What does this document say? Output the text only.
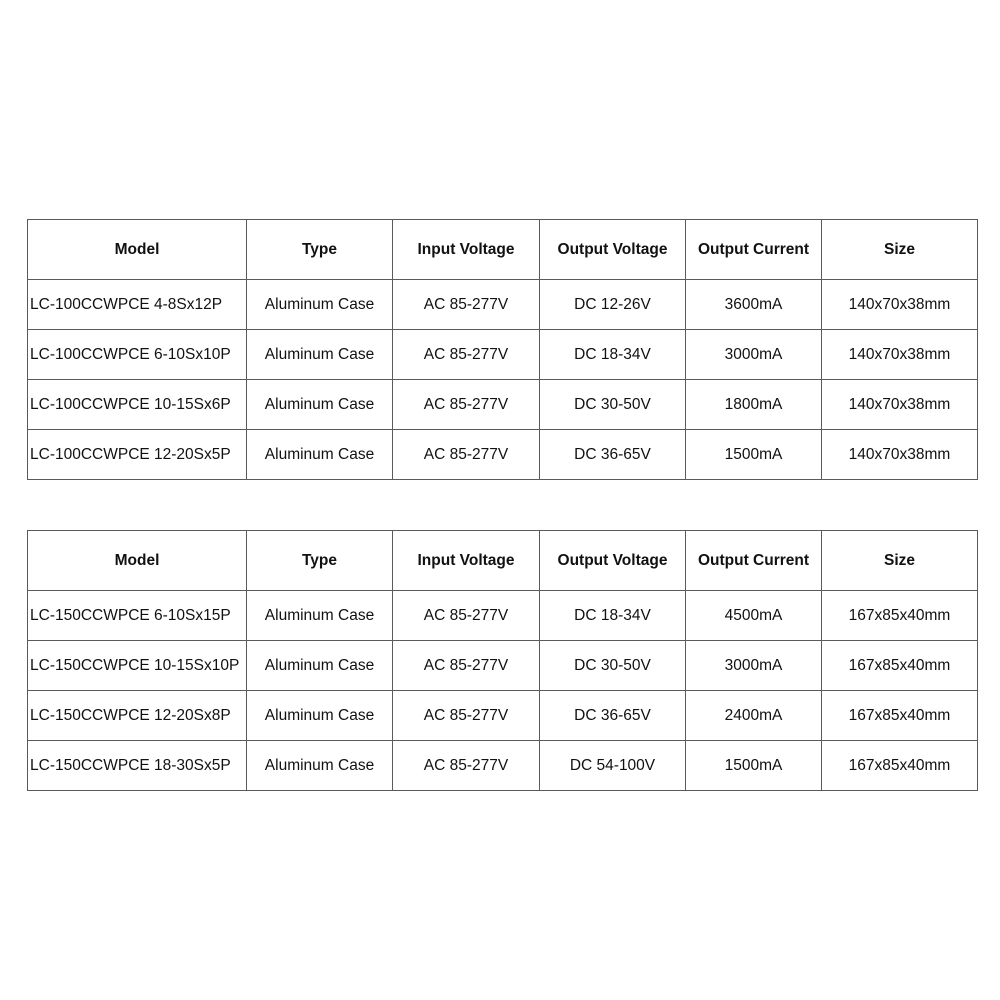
Model	Type	Input Voltage	Output Voltage	Output Current	Size
LC-100CCWPCE 4-8Sx12P	Aluminum Case	AC 85-277V	DC 12-26V	3600mA	140x70x38mm
LC-100CCWPCE 6-10Sx10P	Aluminum Case	AC 85-277V	DC 18-34V	3000mA	140x70x38mm
LC-100CCWPCE 10-15Sx6P	Aluminum Case	AC 85-277V	DC 30-50V	1800mA	140x70x38mm
LC-100CCWPCE 12-20Sx5P	Aluminum Case	AC 85-277V	DC 36-65V	1500mA	140x70x38mm
Model	Type	Input Voltage	Output Voltage	Output Current	Size
LC-150CCWPCE 6-10Sx15P	Aluminum Case	AC 85-277V	DC 18-34V	4500mA	167x85x40mm
LC-150CCWPCE 10-15Sx10P	Aluminum Case	AC 85-277V	DC 30-50V	3000mA	167x85x40mm
LC-150CCWPCE 12-20Sx8P	Aluminum Case	AC 85-277V	DC 36-65V	2400mA	167x85x40mm
LC-150CCWPCE 18-30Sx5P	Aluminum Case	AC 85-277V	DC 54-100V	1500mA	167x85x40mm
